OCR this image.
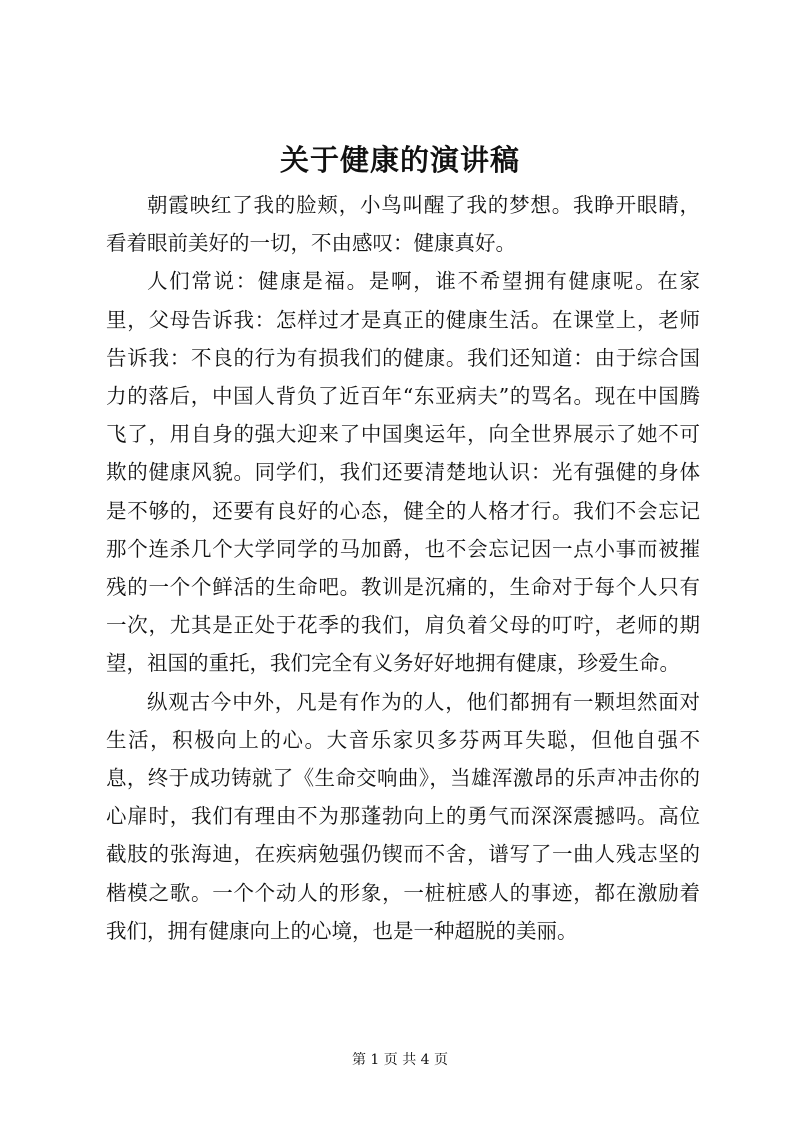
关于健康的演讲稿

朝霞映红了我的脸颊，小鸟叫醒了我的梦想。我睁开眼睛，看着眼前美好的一切，不由感叹：健康真好。

人们常说：健康是福。是啊，谁不希望拥有健康呢。在家里，父母告诉我：怎样过才是真正的健康生活。在课堂上，老师告诉我：不良的行为有损我们的健康。我们还知道：由于综合国力的落后，中国人背负了近百年“东亚病夫”的骂名。现在中国腾飞了，用自身的强大迎来了中国奥运年，向全世界展示了她不可欺的健康风貌。同学们，我们还要清楚地认识：光有强健的身体是不够的，还要有良好的心态，健全的人格才行。我们不会忘记那个连杀几个大学同学的马加爵，也不会忘记因一点小事而被摧残的一个个鲜活的生命吧。教训是沉痛的，生命对于每个人只有一次，尤其是正处于花季的我们，肩负着父母的叮咛，老师的期望，祖国的重托，我们完全有义务好好地拥有健康，珍爱生命。

纵观古今中外，凡是有作为的人，他们都拥有一颗坦然面对生活，积极向上的心。大音乐家贝多芬两耳失聪，但他自强不息，终于成功铸就了《生命交响曲》，当雄浑激昂的乐声冲击你的心扉时，我们有理由不为那蓬勃向上的勇气而深深震撼吗。高位截肢的张海迪，在疾病勉强仍锲而不舍，谱写了一曲人残志坚的楷模之歌。一个个动人的形象，一桩桩感人的事迹，都在激励着我们，拥有健康向上的心境，也是一种超脱的美丽。

第 1 页 共 4 页
